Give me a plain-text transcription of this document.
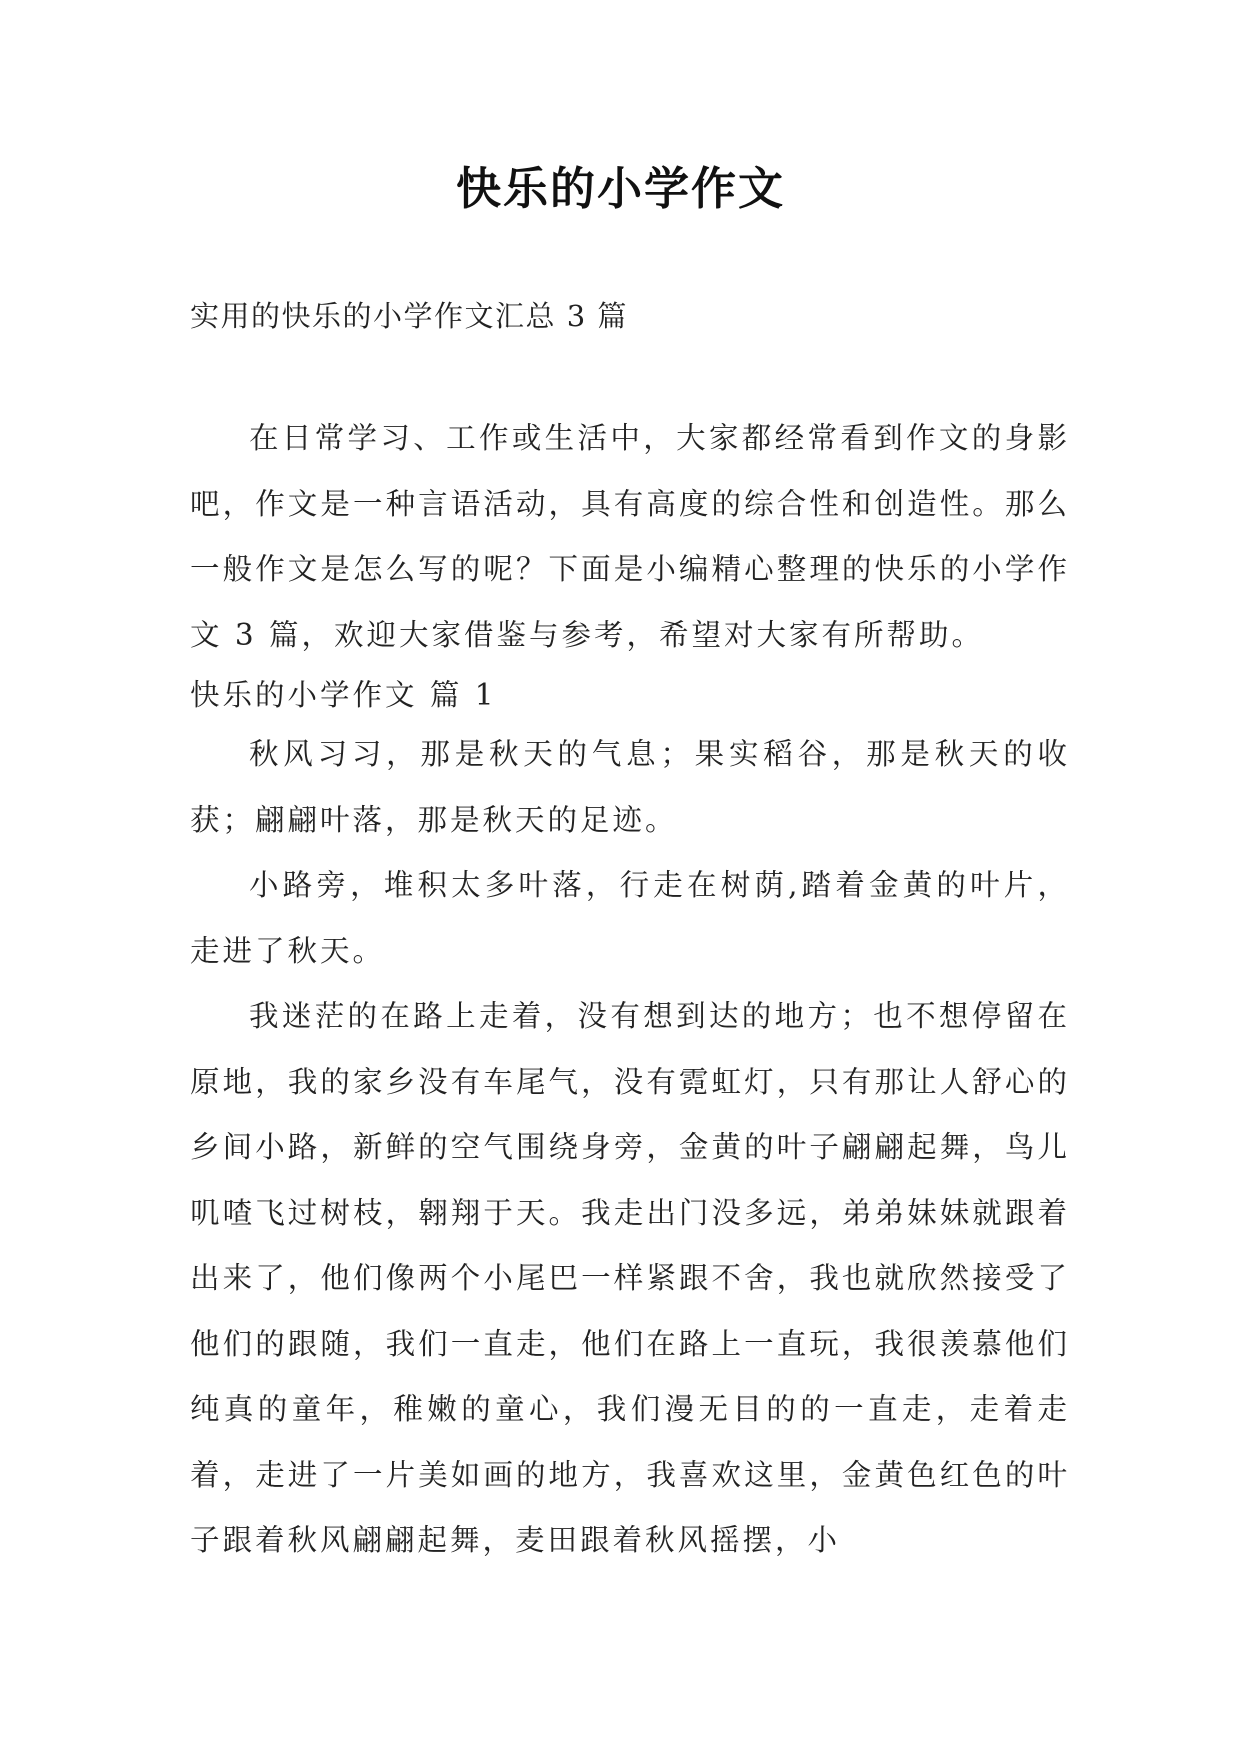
快乐的小学作文

实用的快乐的小学作文汇总 3 篇

在日常学习、工作或生活中，大家都经常看到作文的身影吧，作文是一种言语活动，具有高度的综合性和创造性。那么一般作文是怎么写的呢？下面是小编精心整理的快乐的小学作文 3 篇，欢迎大家借鉴与参考，希望对大家有所帮助。

快乐的小学作文 篇 1

秋风习习，那是秋天的气息；果实稻谷，那是秋天的收获；翩翩叶落，那是秋天的足迹。

小路旁，堆积太多叶落，行走在树荫,踏着金黄的叶片，走进了秋天。

我迷茫的在路上走着，没有想到达的地方；也不想停留在原地，我的家乡没有车尾气，没有霓虹灯，只有那让人舒心的乡间小路，新鲜的空气围绕身旁，金黄的叶子翩翩起舞，鸟儿叽喳飞过树枝，翱翔于天。我走出门没多远，弟弟妹妹就跟着出来了，他们像两个小尾巴一样紧跟不舍，我也就欣然接受了他们的跟随，我们一直走，他们在路上一直玩，我很羡慕他们纯真的童年，稚嫩的童心，我们漫无目的的一直走，走着走着，走进了一片美如画的地方，我喜欢这里，金黄色红色的叶子跟着秋风翩翩起舞，麦田跟着秋风摇摆，小
